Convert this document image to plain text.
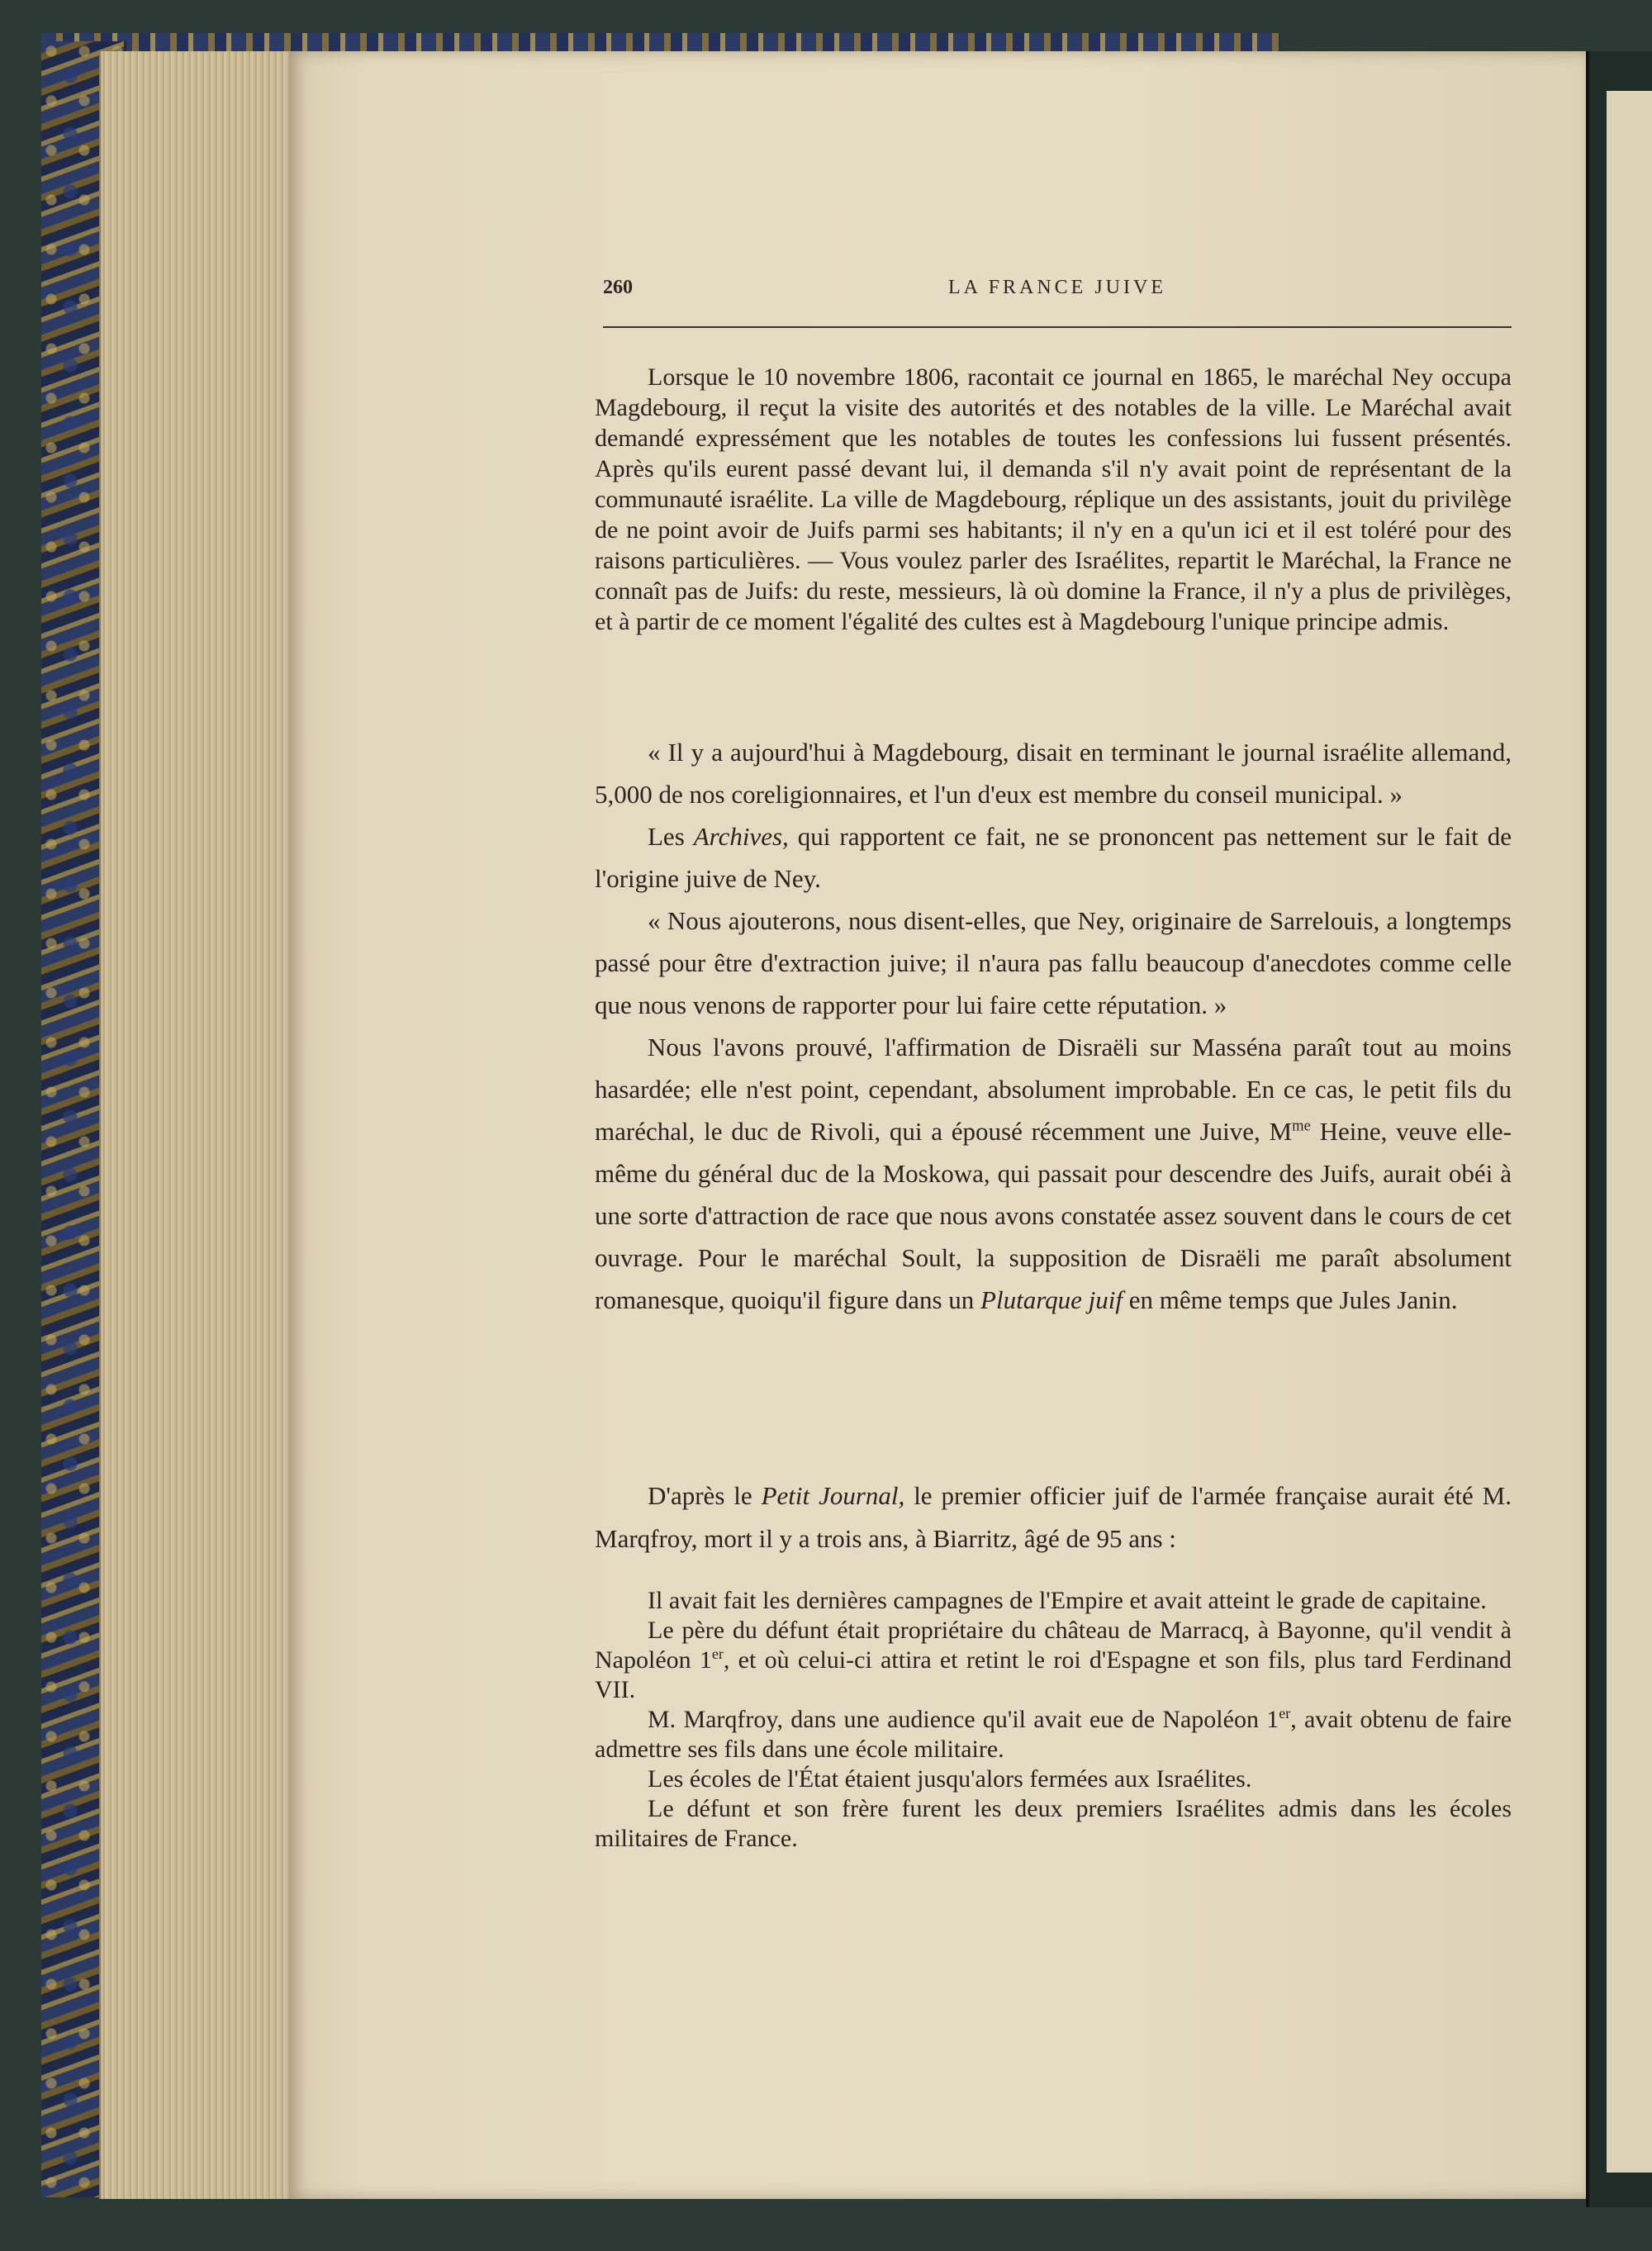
260	LA FRANCE JUIVE

Lorsque le 10 novembre 1806, racontait ce journal en 1865, le maréchal Ney occupa Magdebourg, il reçut la visite des autorités et des notables de la ville. Le Maréchal avait demandé expressément que les notables de toutes les confessions lui fussent présentés. Après qu'ils eurent passé devant lui, il demanda s'il n'y avait point de représentant de la communauté israélite. La ville de Magdebourg, réplique un des assistants, jouit du privilège de ne point avoir de Juifs parmi ses habitants; il n'y en a qu'un ici et il est toléré pour des raisons particulières. — Vous voulez parler des Israélites, repartit le Maréchal, la France ne connaît pas de Juifs: du reste, messieurs, là où domine la France, il n'y a plus de privilèges, et à partir de ce moment l'égalité des cultes est à Magdebourg l'unique principe admis.

« Il y a aujourd'hui à Magdebourg, disait en terminant le journal israélite allemand, 5,000 de nos coreligionnaires, et l'un d'eux est membre du conseil municipal. »

Les Archives, qui rapportent ce fait, ne se prononcent pas nettement sur le fait de l'origine juive de Ney.

« Nous ajouterons, nous disent-elles, que Ney, originaire de Sarrelouis, a longtemps passé pour être d'extraction juive; il n'aura pas fallu beaucoup d'anecdotes comme celle que nous venons de rapporter pour lui faire cette réputation. »

Nous l'avons prouvé, l'affirmation de Disraëli sur Masséna paraît tout au moins hasardée; elle n'est point, cependant, absolument improbable. En ce cas, le petit fils du maréchal, le duc de Rivoli, qui a épousé récemment une Juive, $M^{me}$ Heine, veuve elle-même du général duc de la Moskowa, qui passait pour descendre des Juifs, aurait obéi à une sorte d'attraction de race que nous avons constatée assez souvent dans le cours de cet ouvrage. Pour le maréchal Soult, la supposition de Disraëli me paraît absolument romanesque, quoiqu'il figure dans un Plutarque juif en même temps que Jules Janin.

D'après le Petit Journal, le premier officier juif de l'armée française aurait été M. Marqfroy, mort il y a trois ans, à Biarritz, âgé de 95 ans :

Il avait fait les dernières campagnes de l'Empire et avait atteint le grade de capitaine.

Le père du défunt était propriétaire du château de Marracq, à Bayonne, qu'il vendit à Napoléon 1er, et où celui-ci attira et retint le roi d'Espagne et son fils, plus tard Ferdinand VII.

M. Marqfroy, dans une audience qu'il avait eue de Napoléon 1er, avait obtenu de faire admettre ses fils dans une école militaire.

Les écoles de l'État étaient jusqu'alors fermées aux Israélites.

Le défunt et son frère furent les deux premiers Israélites admis dans les écoles militaires de France.
